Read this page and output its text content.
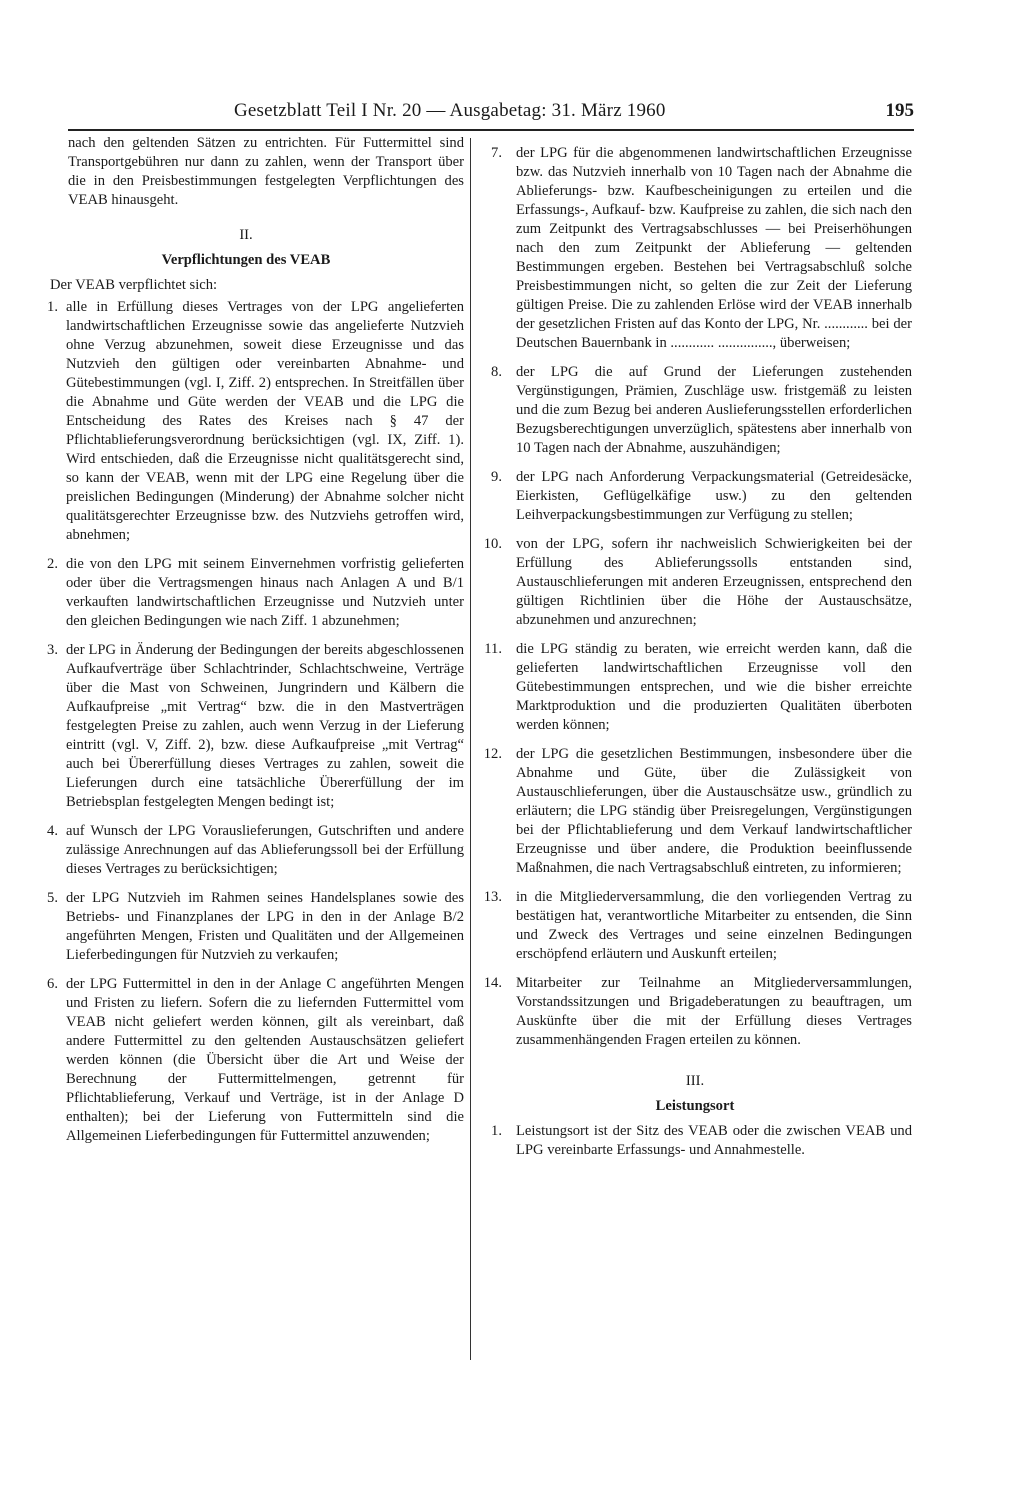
Gesetzblatt Teil I Nr. 20 — Ausgabetag: 31. März 1960	195

nach den geltenden Sätzen zu entrichten. Für Futtermittel sind Transportgebühren nur dann zu zahlen, wenn der Transport über die in den Preisbestimmungen festgelegten Verpflichtungen des VEAB hinausgeht.

II.
Verpflichtungen des VEAB

Der VEAB verpflichtet sich:

1. alle in Erfüllung dieses Vertrages von der LPG angelieferten landwirtschaftlichen Erzeugnisse sowie das angelieferte Nutzvieh ohne Verzug abzunehmen, soweit diese Erzeugnisse und das Nutzvieh den gültigen oder vereinbarten Abnahme- und Gütebestimmungen (vgl. I, Ziff. 2) entsprechen. In Streitfällen über die Abnahme und Güte werden der VEAB und die LPG die Entscheidung des Rates des Kreises nach § 47 der Pflichtablieferungsverordnung berücksichtigen (vgl. IX, Ziff. 1). Wird entschieden, daß die Erzeugnisse nicht qualitätsgerecht sind, so kann der VEAB, wenn mit der LPG eine Regelung über die preislichen Bedingungen (Minderung) der Abnahme solcher nicht qualitätsgerechter Erzeugnisse bzw. des Nutzviehs getroffen wird, abnehmen;
2. die von den LPG mit seinem Einvernehmen vorfristig gelieferten oder über die Vertragsmengen hinaus nach Anlagen A und B/1 verkauften landwirtschaftlichen Erzeugnisse und Nutzvieh unter den gleichen Bedingungen wie nach Ziff. 1 abzunehmen;
3. der LPG in Änderung der Bedingungen der bereits abgeschlossenen Aufkaufverträge über Schlachtrinder, Schlachtschweine, Verträge über die Mast von Schweinen, Jungrindern und Kälbern die Aufkaufpreise „mit Vertrag“ bzw. die in den Mastverträgen festgelegten Preise zu zahlen, auch wenn Verzug in der Lieferung eintritt (vgl. V, Ziff. 2), bzw. diese Aufkaufpreise „mit Vertrag“ auch bei Übererfüllung dieses Vertrages zu zahlen, soweit die Lieferungen durch eine tatsächliche Übererfüllung der im Betriebsplan festgelegten Mengen bedingt ist;
4. auf Wunsch der LPG Vorauslieferungen, Gutschriften und andere zulässige Anrechnungen auf das Ablieferungssoll bei der Erfüllung dieses Vertrages zu berücksichtigen;
5. der LPG Nutzvieh im Rahmen seines Handelsplanes sowie des Betriebs- und Finanzplanes der LPG in den in der Anlage B/2 angeführten Mengen, Fristen und Qualitäten und der Allgemeinen Lieferbedingungen für Nutzvieh zu verkaufen;
6. der LPG Futtermittel in den in der Anlage C angeführten Mengen und Fristen zu liefern. Sofern die zu liefernden Futtermittel vom VEAB nicht geliefert werden können, gilt als vereinbart, daß andere Futtermittel zu den geltenden Austauschsätzen geliefert werden können (die Übersicht über die Art und Weise der Berechnung der Futtermittelmengen, getrennt für Pflichtablieferung, Verkauf und Verträge, ist in der Anlage D enthalten); bei der Lieferung von Futtermitteln sind die Allgemeinen Lieferbedingungen für Futtermittel anzuwenden;
7. der LPG für die abgenommenen landwirtschaftlichen Erzeugnisse bzw. das Nutzvieh innerhalb von 10 Tagen nach der Abnahme die Ablieferungs- bzw. Kaufbescheinigungen zu erteilen und die Erfassungs-, Aufkauf- bzw. Kaufpreise zu zahlen, die sich nach den zum Zeitpunkt des Vertragsabschlusses — bei Preiserhöhungen nach den zum Zeitpunkt der Ablieferung — geltenden Bestimmungen ergeben. Bestehen bei Vertragsabschluß solche Preisbestimmungen nicht, so gelten die zur Zeit der Lieferung gültigen Preise. Die zu zahlenden Erlöse wird der VEAB innerhalb der gesetzlichen Fristen auf das Konto der LPG, Nr. ............ bei der Deutschen Bauernbank in ............ ..............., überweisen;
8. der LPG die auf Grund der Lieferungen zustehenden Vergünstigungen, Prämien, Zuschläge usw. fristgemäß zu leisten und die zum Bezug bei anderen Auslieferungsstellen erforderlichen Bezugsberechtigungen unverzüglich, spätestens aber innerhalb von 10 Tagen nach der Abnahme, auszuhändigen;
9. der LPG nach Anforderung Verpackungsmaterial (Getreidesäcke, Eierkisten, Geflügelkäfige usw.) zu den geltenden Leihverpackungsbestimmungen zur Verfügung zu stellen;
10. von der LPG, sofern ihr nachweislich Schwierigkeiten bei der Erfüllung des Ablieferungssolls entstanden sind, Austauschlieferungen mit anderen Erzeugnissen, entsprechend den gültigen Richtlinien über die Höhe der Austauschsätze, abzunehmen und anzurechnen;
11. die LPG ständig zu beraten, wie erreicht werden kann, daß die gelieferten landwirtschaftlichen Erzeugnisse voll den Gütebestimmungen entsprechen, und wie die bisher erreichte Marktproduktion und die produzierten Qualitäten überboten werden können;
12. der LPG die gesetzlichen Bestimmungen, insbesondere über die Abnahme und Güte, über die Zulässigkeit von Austauschlieferungen, über die Austauschsätze usw., gründlich zu erläutern; die LPG ständig über Preisregelungen, Vergünstigungen bei der Pflichtablieferung und dem Verkauf landwirtschaftlicher Erzeugnisse und über andere, die Produktion beeinflussende Maßnahmen, die nach Vertragsabschluß eintreten, zu informieren;
13. in die Mitgliederversammlung, die den vorliegenden Vertrag zu bestätigen hat, verantwortliche Mitarbeiter zu entsenden, die Sinn und Zweck des Vertrages und seine einzelnen Bedingungen erschöpfend erläutern und Auskunft erteilen;
14. Mitarbeiter zur Teilnahme an Mitgliederversammlungen, Vorstandssitzungen und Brigadeberatungen zu beauftragen, um Auskünfte über die mit der Erfüllung dieses Vertrages zusammenhängenden Fragen erteilen zu können.
III.
Leistungsort
1. Leistungsort ist der Sitz des VEAB oder die zwischen VEAB und LPG vereinbarte Erfassungs- und Annahmestelle.
